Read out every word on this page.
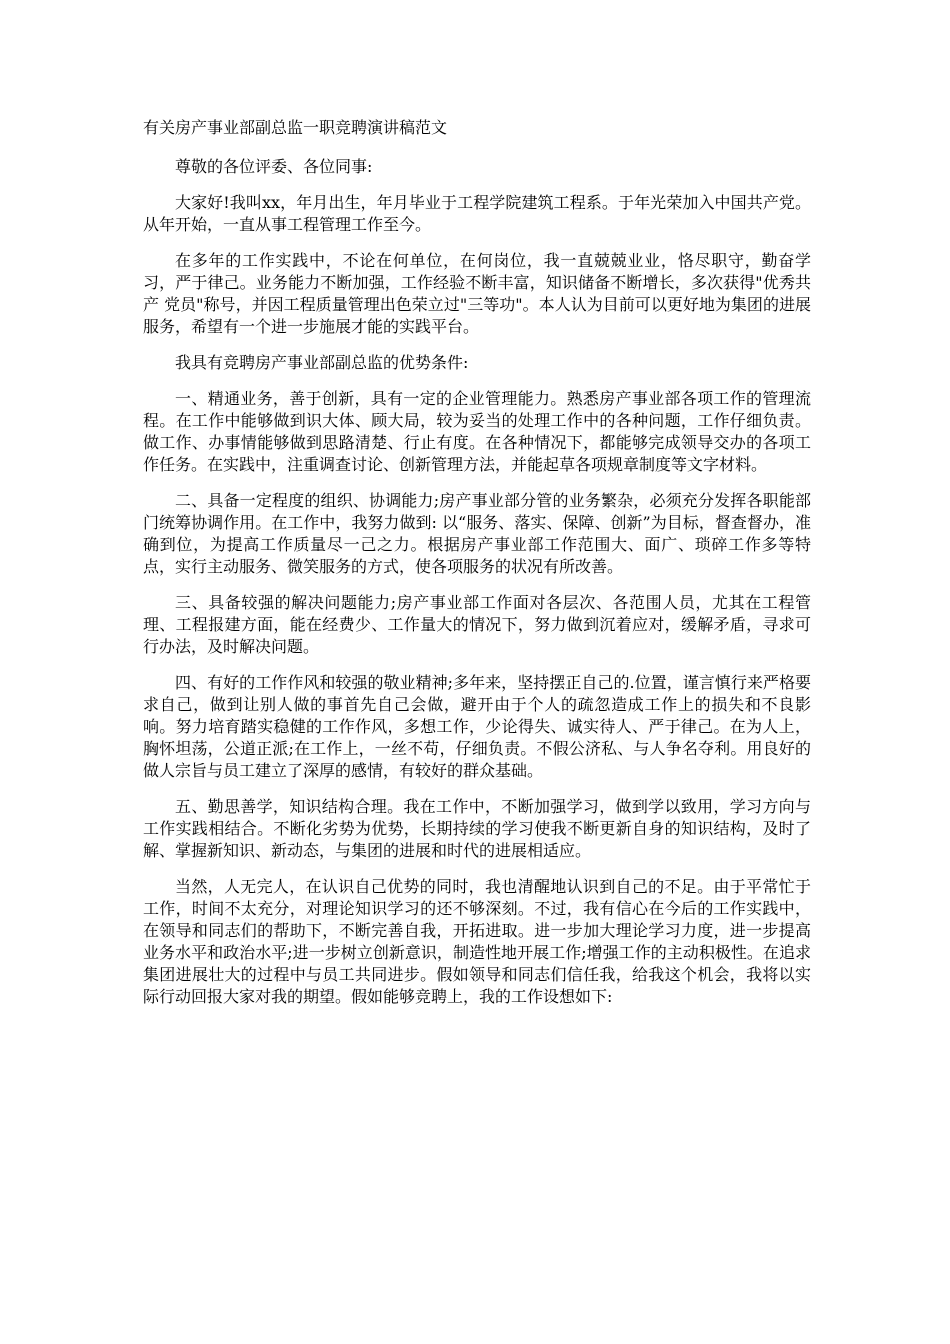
有关房产事业部副总监一职竞聘演讲稿范文

尊敬的各位评委、各位同事:

大家好!我叫xx，年月出生，年月毕业于工程学院建筑工程系。于年光荣加入中国共产党。从年开始，一直从事工程管理工作至今。

在多年的工作实践中，不论在何单位，在何岗位，我一直兢兢业业，恪尽职守，勤奋学习，严于律己。业务能力不断加强，工作经验不断丰富，知识储备不断增长，多次获得"优秀共产 党员"称号，并因工程质量管理出色荣立过"三等功"。本人认为目前可以更好地为集团的进展服务，希望有一个进一步施展才能的实践平台。

我具有竞聘房产事业部副总监的优势条件:

一、精通业务，善于创新，具有一定的企业管理能力。熟悉房产事业部各项工作的管理流程。在工作中能够做到识大体、顾大局，较为妥当的处理工作中的各种问题，工作仔细负责。做工作、办事情能够做到思路清楚、行止有度。在各种情况下，都能够完成领导交办的各项工作任务。在实践中，注重调查讨论、创新管理方法，并能起草各项规章制度等文字材料。

二、具备一定程度的组织、协调能力;房产事业部分管的业务繁杂，必须充分发挥各职能部门统筹协调作用。在工作中，我努力做到: 以“服务、落实、保障、创新”为目标，督查督办，准确到位，为提高工作质量尽一己之力。根据房产事业部工作范围大、面广、琐碎工作多等特点，实行主动服务、微笑服务的方式，使各项服务的状况有所改善。

三、具备较强的解决问题能力;房产事业部工作面对各层次、各范围人员，尤其在工程管理、工程报建方面，能在经费少、工作量大的情况下，努力做到沉着应对，缓解矛盾，寻求可行办法，及时解决问题。

四、有好的工作作风和较强的敬业精神;多年来，坚持摆正自己的.位置，谨言慎行来严格要求自己，做到让别人做的事首先自己会做，避开由于个人的疏忽造成工作上的损失和不良影响。努力培育踏实稳健的工作作风，多想工作，少论得失、诚实待人、严于律己。在为人上，胸怀坦荡，公道正派;在工作上，一丝不苟，仔细负责。不假公济私、与人争名夺利。用良好的做人宗旨与员工建立了深厚的感情，有较好的群众基础。

五、勤思善学，知识结构合理。我在工作中，不断加强学习，做到学以致用，学习方向与工作实践相结合。不断化劣势为优势，长期持续的学习使我不断更新自身的知识结构，及时了解、掌握新知识、新动态，与集团的进展和时代的进展相适应。

当然，人无完人，在认识自己优势的同时，我也清醒地认识到自己的不足。由于平常忙于工作，时间不太充分，对理论知识学习的还不够深刻。不过，我有信心在今后的工作实践中，在领导和同志们的帮助下，不断完善自我，开拓进取。进一步加大理论学习力度，进一步提高业务水平和政治水平;进一步树立创新意识，制造性地开展工作;增强工作的主动积极性。在追求集团进展壮大的过程中与员工共同进步。假如领导和同志们信任我，给我这个机会，我将以实际行动回报大家对我的期望。假如能够竞聘上，我的工作设想如下:
